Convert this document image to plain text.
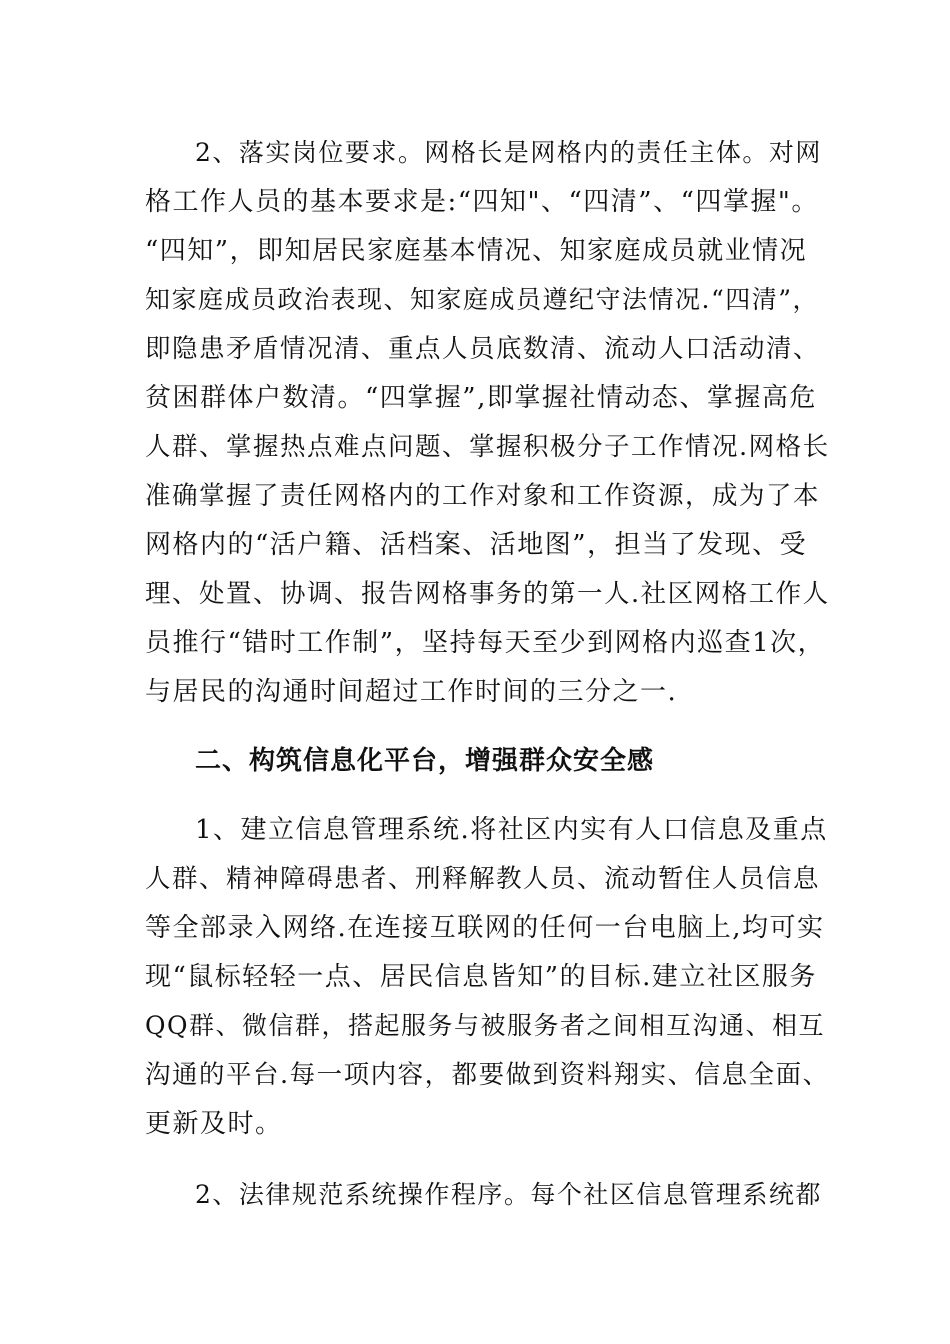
2、落实岗位要求。网格长是网格内的责任主体。对网
格工作人员的基本要求是:“四知"、“四清”、“四掌握"。
“四知”，即知居民家庭基本情况、知家庭成员就业情况
知家庭成员政治表现、知家庭成员遵纪守法情况.“四清”，
即隐患矛盾情况清、重点人员底数清、流动人口活动清、
贫困群体户数清。“四掌握”,即掌握社情动态、掌握高危
人群、掌握热点难点问题、掌握积极分子工作情况.网格长
准确掌握了责任网格内的工作对象和工作资源，成为了本
网格内的“活户籍、活档案、活地图”，担当了发现、受
理、处置、协调、报告网格事务的第一人.社区网格工作人
员推行“错时工作制”，坚持每天至少到网格内巡查1次，
与居民的沟通时间超过工作时间的三分之一.
二、构筑信息化平台，增强群众安全感
1、建立信息管理系统.将社区内实有人口信息及重点
人群、精神障碍患者、刑释解教人员、流动暂住人员信息
等全部录入网络.在连接互联网的任何一台电脑上,均可实
现“鼠标轻轻一点、居民信息皆知”的目标.建立社区服务
QQ群、微信群，搭起服务与被服务者之间相互沟通、相互
沟通的平台.每一项内容，都要做到资料翔实、信息全面、
更新及时。
2、法律规范系统操作程序。每个社区信息管理系统都
